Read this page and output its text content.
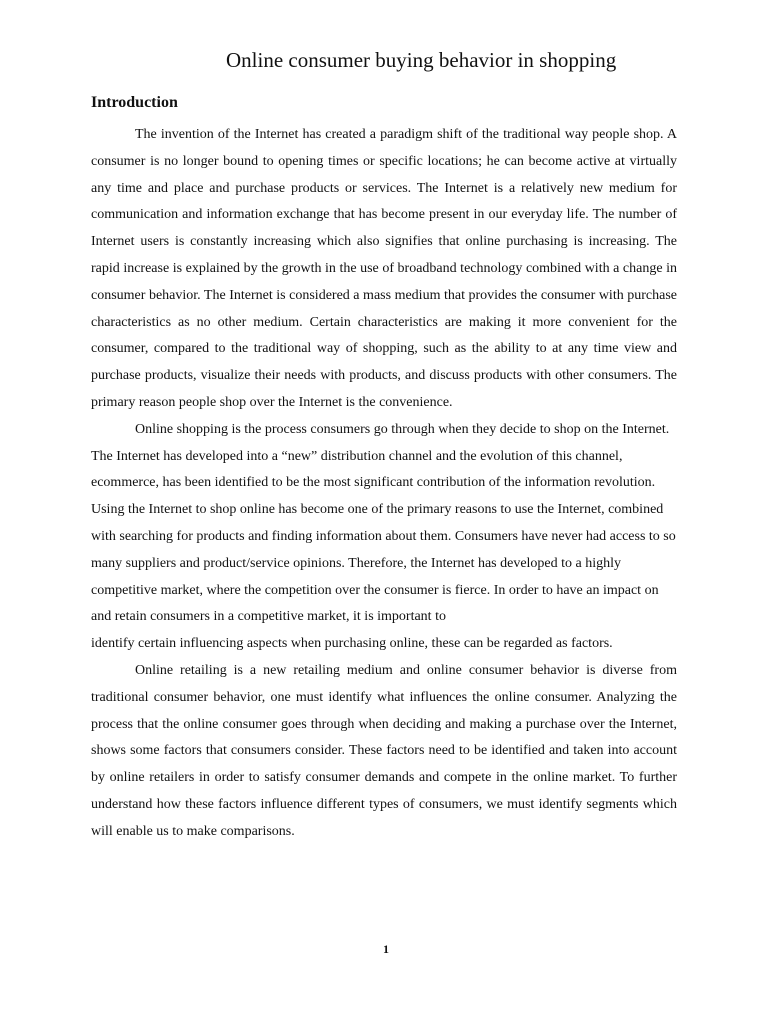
Online consumer buying behavior in shopping
Introduction

The invention of the Internet has created a paradigm shift of the traditional way people shop. A consumer is no longer bound to opening times or specific locations; he can become active at virtually any time and place and purchase products or services. The Internet is a relatively new medium for communication and information exchange that has become present in our everyday life. The number of Internet users is constantly increasing which also signifies that online purchasing is increasing. The rapid increase is explained by the growth in the use of broadband technology combined with a change in consumer behavior. The Internet is considered a mass medium that provides the consumer with purchase characteristics as no other medium. Certain characteristics are making it more convenient for the consumer, compared to the traditional way of shopping, such as the ability to at any time view and purchase products, visualize their needs with products, and discuss products with other consumers. The primary reason people shop over the Internet is the convenience.

Online shopping is the process consumers go through when they decide to shop on the Internet. The Internet has developed into a “new” distribution channel and the evolution of this channel, ecommerce, has been identified to be the most significant contribution of the information revolution. Using the Internet to shop online has become one of the primary reasons to use the Internet, combined with searching for products and finding information about them. Consumers have never had access to so many suppliers and product/service opinions. Therefore, the Internet has developed to a highly competitive market, where the competition over the consumer is fierce. In order to have an impact on and retain consumers in a competitive market, it is important to

identify certain influencing aspects when purchasing online, these can be regarded as factors.

Online retailing is a new retailing medium and online consumer behavior is diverse from traditional consumer behavior, one must identify what influences the online consumer. Analyzing the process that the online consumer goes through when deciding and making a purchase over the Internet, shows some factors that consumers consider. These factors need to be identified and taken into account by online retailers in order to satisfy consumer demands and compete in the online market. To further understand how these factors influence different types of consumers, we must identify segments which will enable us to make comparisons.

1
